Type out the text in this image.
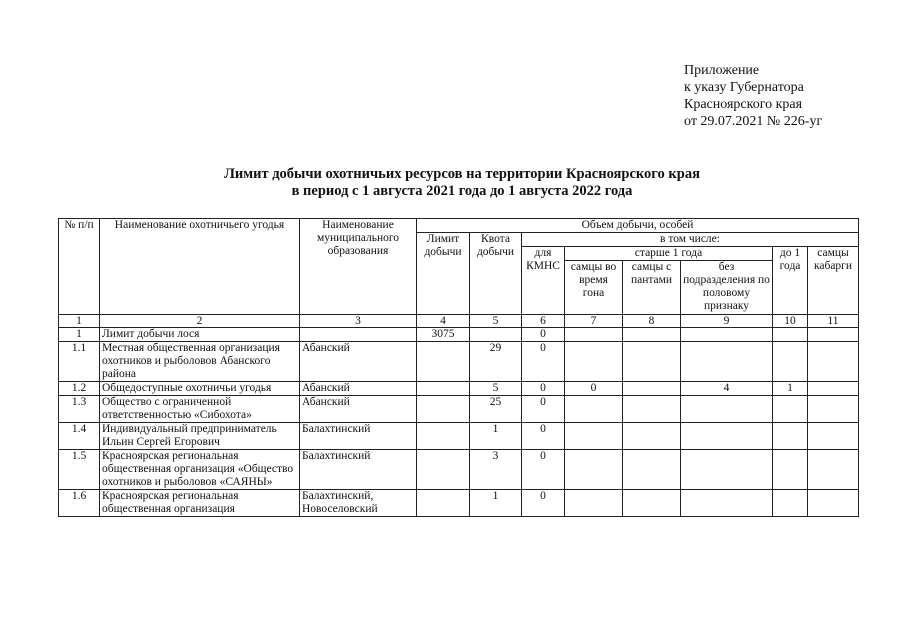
Приложение
к указу Губернатора
Красноярского края
от 29.07.2021 № 226-уг
Лимит добычи охотничьих ресурсов на территории Красноярского края
в период с 1 августа 2021 года до 1 августа 2022 года
№ п/п	Наименование охотничьего угодья	Наименование муниципального образования	Объем добычи, особей							
			Лимит добычи	Квота добычи	в том числе:					
					для КМНС	старше 1 года			до 1 года	самцы кабарги
						самцы во время гона	самцы с пантами	без подразделения по половому признаку		
1	2	3	4	5	6	7	8	9	10	11
1	Лимит добычи лося		3075		0					
1.1	Местная общественная организация охотников и рыболовов Абанского района	Абанский		29	0					
1.2	Общедоступные охотничьи угодья	Абанский		5	0	0		4	1	
1.3	Общество с ограниченной ответственностью «Сибохота»	Абанский		25	0					
1.4	Индивидуальный предприниматель Ильин Сергей Егорович	Балахтинский		1	0					
1.5	Красноярская региональная общественная организация «Общество охотников и рыболовов «САЯНЫ»	Балахтинский		3	0					
1.6	Красноярская региональная общественная организация	Балахтинский, Новоселовский		1	0					
